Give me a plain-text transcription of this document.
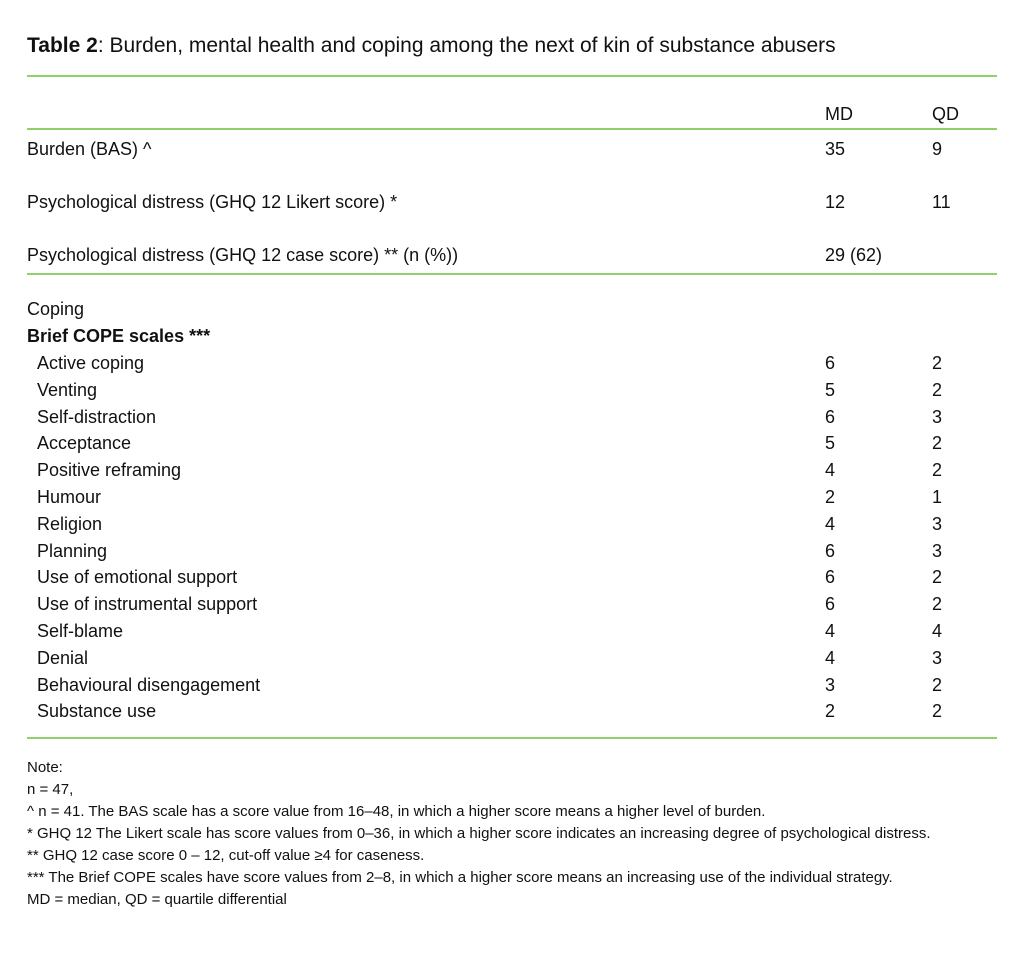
Table 2: Burden, mental health and coping among the next of kin of substance abusers
MD	QD
Burden (BAS) ^	35	9
Psychological distress (GHQ 12 Likert score) *	12	11
Psychological distress (GHQ 12 case score) ** (n (%))	29 (62)
Coping
Brief COPE scales ***
Active coping	6	2
Venting	5	2
Self-distraction	6	3
Acceptance	5	2
Positive reframing	4	2
Humour	2	1
Religion	4	3
Planning	6	3
Use of emotional support	6	2
Use of instrumental support	6	2
Self-blame	4	4
Denial	4	3
Behavioural disengagement	3	2
Substance use	2	2
Note:
n = 47,
^ n = 41. The BAS scale has a score value from 16–48, in which a higher score means a higher level of burden.
* GHQ 12 The Likert scale has score values from 0–36, in which a higher score indicates an increasing degree of psychological distress.
** GHQ 12 case score 0 – 12, cut-off value ≥4 for caseness.
*** The Brief COPE scales have score values from 2–8, in which a higher score means an increasing use of the individual strategy.
MD = median, QD = quartile differential
